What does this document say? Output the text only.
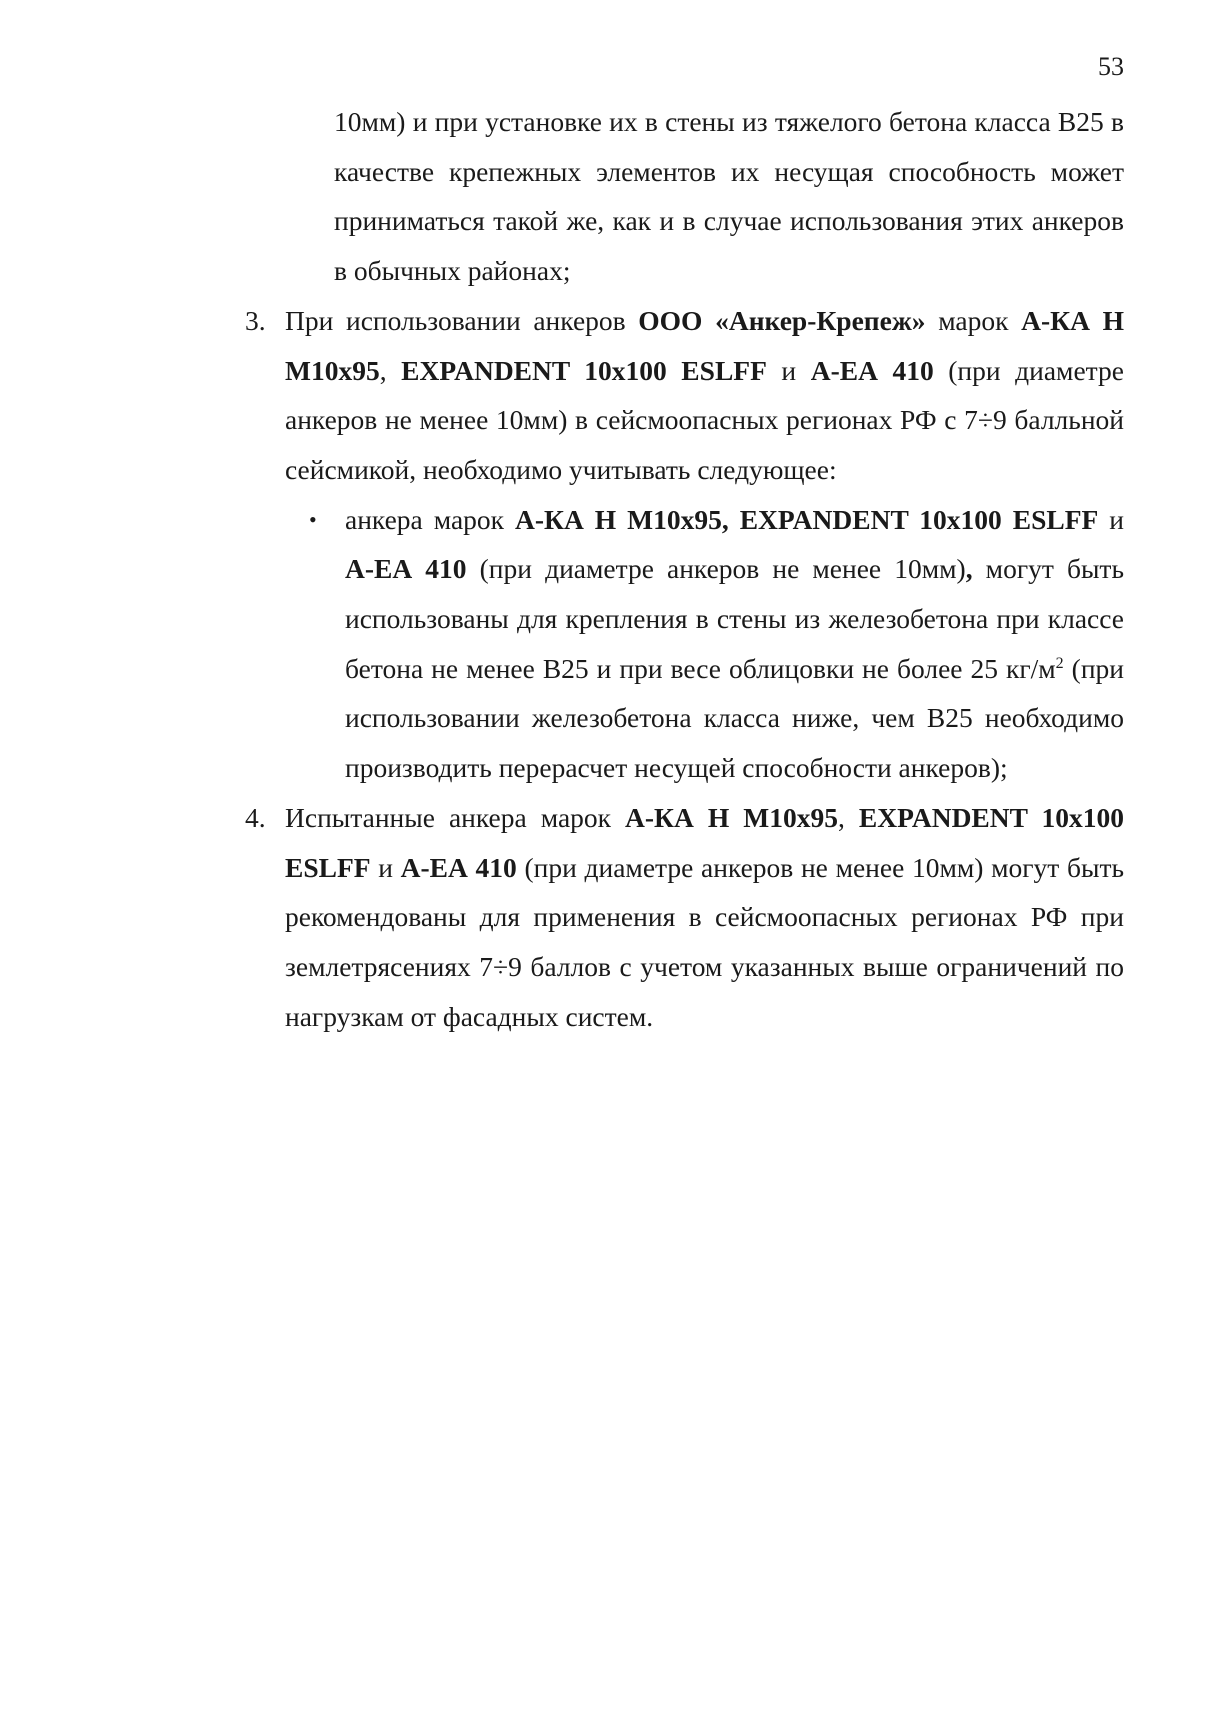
53

10мм) и при установке их в стены из тяжелого бетона класса В25 в качестве крепежных элементов их несущая способность может приниматься такой же, как и в случае использования этих анкеров в обычных районах;

3. При использовании анкеров ООО «Анкер-Крепеж» марок А-КА Н М10х95, EXPANDENT 10x100 ESLFF и А-ЕА 410 (при диаметре анкеров не менее 10мм) в сейсмоопасных регионах РФ с 7÷9 балльной сейсмикой, необходимо учитывать следующее:

• анкера марок А-КА Н М10х95, EXPANDENT 10x100 ESLFF и А-ЕА 410 (при диаметре анкеров не менее 10мм), могут быть использованы для крепления в стены из железобетона при классе бетона не менее В25 и при весе облицовки не более 25 $кг/м^2$ (при использовании железобетона класса ниже, чем В25 необходимо производить перерасчет несущей способности анкеров);

4. Испытанные анкера марок А-КА Н М10х95, EXPANDENT 10x100 ESLFF и А-ЕА 410 (при диаметре анкеров не менее 10мм) могут быть рекомендованы для применения в сейсмоопасных регионах РФ при землетрясениях 7÷9 баллов с учетом указанных выше ограничений по нагрузкам от фасадных систем.
